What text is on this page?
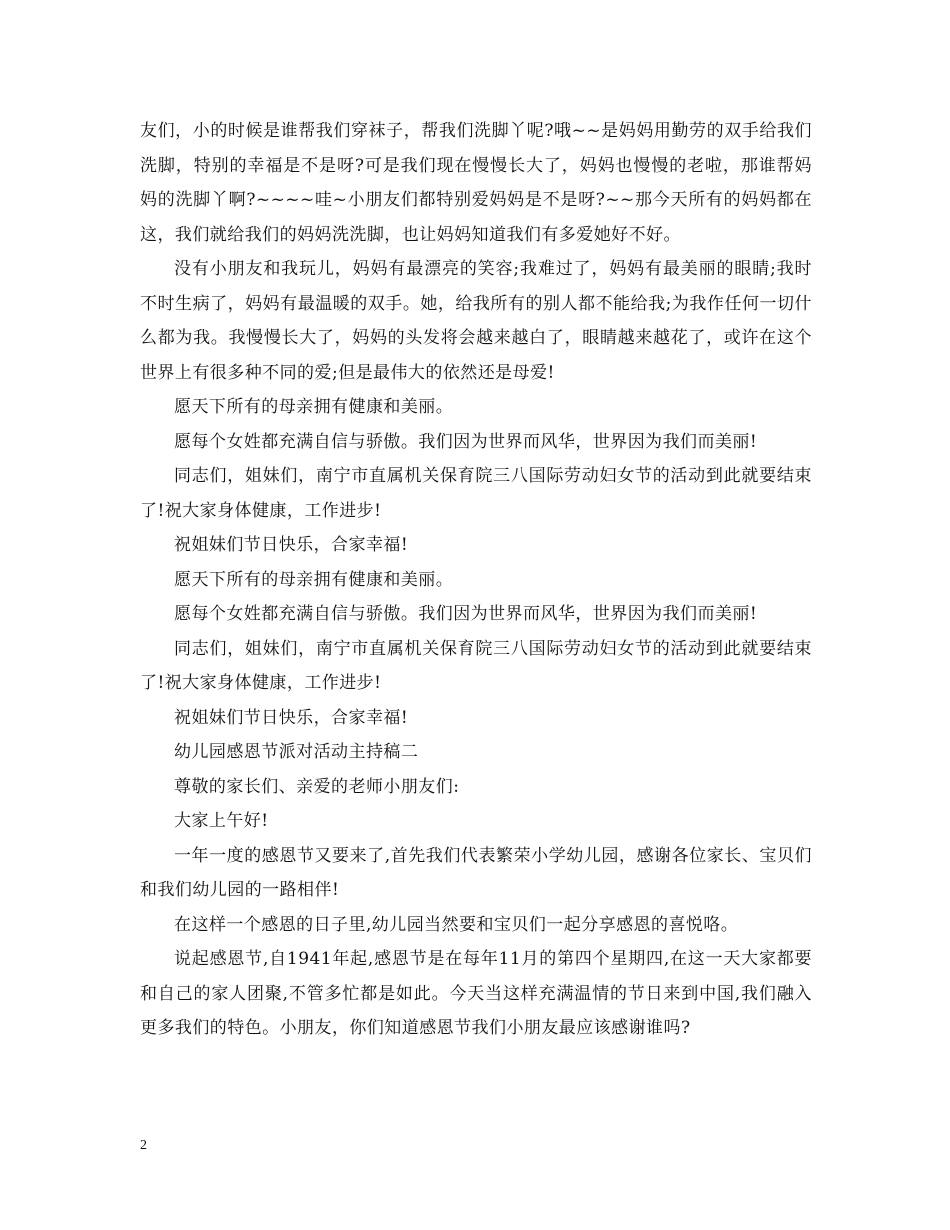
友们，小的时候是谁帮我们穿袜子，帮我们洗脚丫呢?哦~~是妈妈用勤劳的双手给我们洗脚，特别的幸福是不是呀?可是我们现在慢慢长大了，妈妈也慢慢的老啦，那谁帮妈妈的洗脚丫啊?~~~~哇~小朋友们都特别爱妈妈是不是呀?~~那今天所有的妈妈都在这，我们就给我们的妈妈洗洗脚，也让妈妈知道我们有多爱她好不好。

没有小朋友和我玩儿，妈妈有最漂亮的笑容;我难过了，妈妈有最美丽的眼睛;我时不时生病了，妈妈有最温暖的双手。她，给我所有的别人都不能给我;为我作任何一切什么都为我。我慢慢长大了，妈妈的头发将会越来越白了，眼睛越来越花了，或许在这个世界上有很多种不同的爱;但是最伟大的依然还是母爱!

愿天下所有的母亲拥有健康和美丽。

愿每个女姓都充满自信与骄傲。我们因为世界而风华，世界因为我们而美丽!

同志们，姐妹们，南宁市直属机关保育院三八国际劳动妇女节的活动到此就要结束了!祝大家身体健康，工作进步!

祝姐妹们节日快乐，合家幸福!

愿天下所有的母亲拥有健康和美丽。

愿每个女姓都充满自信与骄傲。我们因为世界而风华，世界因为我们而美丽!

同志们，姐妹们，南宁市直属机关保育院三八国际劳动妇女节的活动到此就要结束了!祝大家身体健康，工作进步!

祝姐妹们节日快乐，合家幸福!

幼儿园感恩节派对活动主持稿二

尊敬的家长们、亲爱的老师小朋友们:

大家上午好!

一年一度的感恩节又要来了,首先我们代表繁荣小学幼儿园，感谢各位家长、宝贝们和我们幼儿园的一路相伴!

在这样一个感恩的日子里,幼儿园当然要和宝贝们一起分享感恩的喜悦咯。

说起感恩节,自1941年起,感恩节是在每年11月的第四个星期四,在这一天大家都要和自己的家人团聚,不管多忙都是如此。今天当这样充满温情的节日来到中国,我们融入更多我们的特色。小朋友，你们知道感恩节我们小朋友最应该感谢谁吗?

2
